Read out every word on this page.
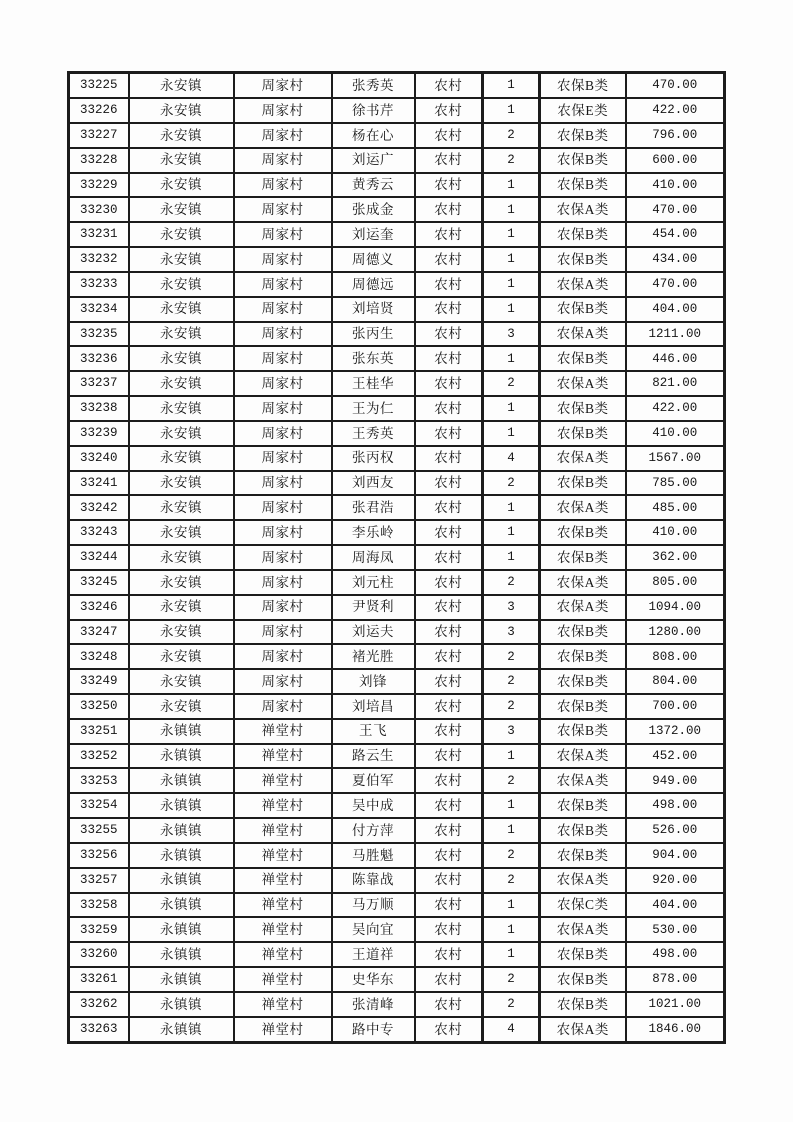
33225	永安镇	周家村	张秀英	农村	1	农保B类	470.00
33226	永安镇	周家村	徐书芹	农村	1	农保E类	422.00
33227	永安镇	周家村	杨在心	农村	2	农保B类	796.00
33228	永安镇	周家村	刘运广	农村	2	农保B类	600.00
33229	永安镇	周家村	黄秀云	农村	1	农保B类	410.00
33230	永安镇	周家村	张成金	农村	1	农保A类	470.00
33231	永安镇	周家村	刘运奎	农村	1	农保B类	454.00
33232	永安镇	周家村	周德义	农村	1	农保B类	434.00
33233	永安镇	周家村	周德远	农村	1	农保A类	470.00
33234	永安镇	周家村	刘培贤	农村	1	农保B类	404.00
33235	永安镇	周家村	张丙生	农村	3	农保A类	1211.00
33236	永安镇	周家村	张东英	农村	1	农保B类	446.00
33237	永安镇	周家村	王桂华	农村	2	农保A类	821.00
33238	永安镇	周家村	王为仁	农村	1	农保B类	422.00
33239	永安镇	周家村	王秀英	农村	1	农保B类	410.00
33240	永安镇	周家村	张丙权	农村	4	农保A类	1567.00
33241	永安镇	周家村	刘西友	农村	2	农保B类	785.00
33242	永安镇	周家村	张君浩	农村	1	农保A类	485.00
33243	永安镇	周家村	李乐岭	农村	1	农保B类	410.00
33244	永安镇	周家村	周海凤	农村	1	农保B类	362.00
33245	永安镇	周家村	刘元柱	农村	2	农保A类	805.00
33246	永安镇	周家村	尹贤利	农村	3	农保A类	1094.00
33247	永安镇	周家村	刘运夫	农村	3	农保B类	1280.00
33248	永安镇	周家村	褚光胜	农村	2	农保B类	808.00
33249	永安镇	周家村	刘锋	农村	2	农保B类	804.00
33250	永安镇	周家村	刘培昌	农村	2	农保B类	700.00
33251	永镇镇	禅堂村	王飞	农村	3	农保B类	1372.00
33252	永镇镇	禅堂村	路云生	农村	1	农保A类	452.00
33253	永镇镇	禅堂村	夏伯军	农村	2	农保A类	949.00
33254	永镇镇	禅堂村	吴中成	农村	1	农保B类	498.00
33255	永镇镇	禅堂村	付方萍	农村	1	农保B类	526.00
33256	永镇镇	禅堂村	马胜魁	农村	2	农保B类	904.00
33257	永镇镇	禅堂村	陈靠战	农村	2	农保A类	920.00
33258	永镇镇	禅堂村	马万顺	农村	1	农保C类	404.00
33259	永镇镇	禅堂村	吴向宜	农村	1	农保A类	530.00
33260	永镇镇	禅堂村	王道祥	农村	1	农保B类	498.00
33261	永镇镇	禅堂村	史华东	农村	2	农保B类	878.00
33262	永镇镇	禅堂村	张清峰	农村	2	农保B类	1021.00
33263	永镇镇	禅堂村	路中专	农村	4	农保A类	1846.00
